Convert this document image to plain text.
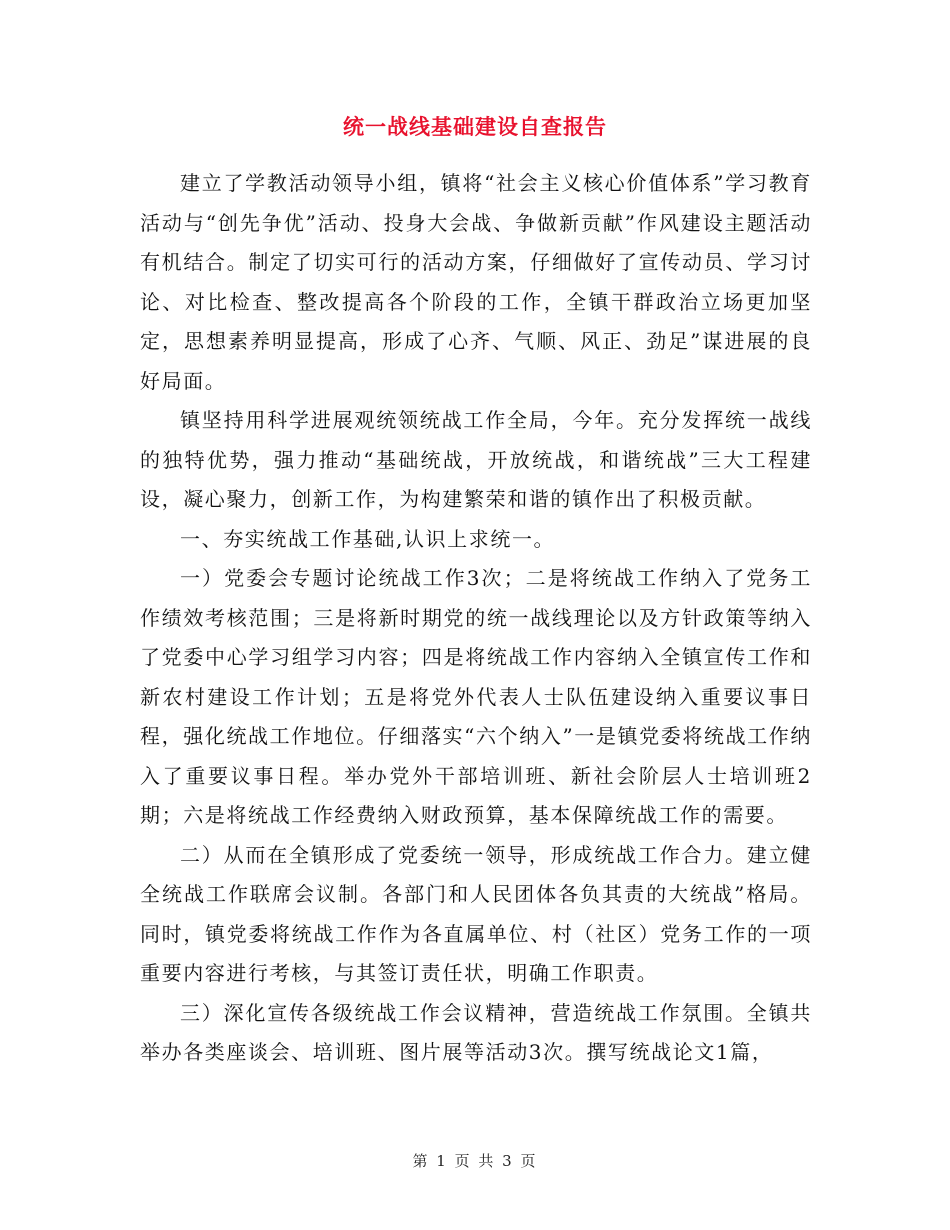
统一战线基础建设自查报告

建立了学教活动领导小组，镇将“社会主义核心价值体系”学习教育活动与“创先争优”活动、投身大会战、争做新贡献”作风建设主题活动有机结合。制定了切实可行的活动方案，仔细做好了宣传动员、学习讨论、对比检查、整改提高各个阶段的工作，全镇干群政治立场更加坚定，思想素养明显提高，形成了心齐、气顺、风正、劲足”谋进展的良好局面。

镇坚持用科学进展观统领统战工作全局，今年。充分发挥统一战线的独特优势，强力推动“基础统战，开放统战，和谐统战”三大工程建设，凝心聚力，创新工作，为构建繁荣和谐的镇作出了积极贡献。

一、夯实统战工作基础,认识上求统一。

一）党委会专题讨论统战工作3次；二是将统战工作纳入了党务工作绩效考核范围；三是将新时期党的统一战线理论以及方针政策等纳入了党委中心学习组学习内容；四是将统战工作内容纳入全镇宣传工作和新农村建设工作计划；五是将党外代表人士队伍建设纳入重要议事日程，强化统战工作地位。仔细落实“六个纳入”一是镇党委将统战工作纳入了重要议事日程。举办党外干部培训班、新社会阶层人士培训班2期；六是将统战工作经费纳入财政预算，基本保障统战工作的需要。

二）从而在全镇形成了党委统一领导，形成统战工作合力。建立健全统战工作联席会议制。各部门和人民团体各负其责的大统战”格局。同时，镇党委将统战工作作为各直属单位、村（社区）党务工作的一项重要内容进行考核，与其签订责任状，明确工作职责。

三）深化宣传各级统战工作会议精神，营造统战工作氛围。全镇共举办各类座谈会、培训班、图片展等活动3次。撰写统战论文1篇，

第 1 页 共 3 页
